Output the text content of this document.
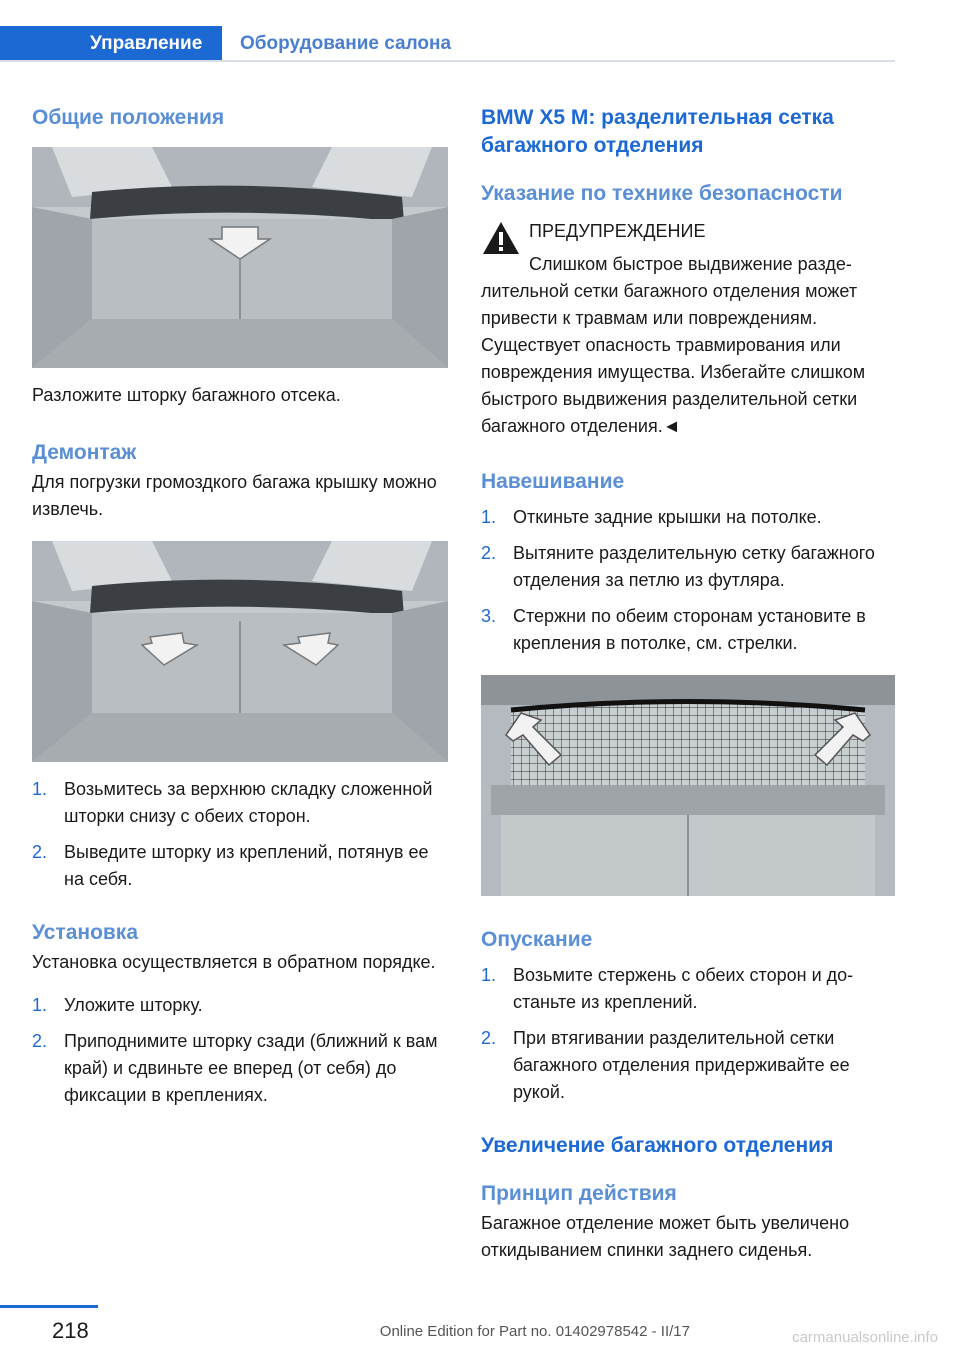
Управление	Оборудование салона
Общие положения

Разложите шторку багажного отсека.

Демонтаж

Для погрузки громоздкого багажа крышку можно извлечь.

1. Возьмитесь за верхнюю складку сложенной шторки снизу с обеих сторон.
2. Выведите шторку из креплений, потянув ее на себя.
Установка

Установка осуществляется в обратном порядке.

1. Уложите шторку.
2. Приподнимите шторку сзади (ближний к вам край) и сдвиньте ее вперед (от себя) до фиксации в креплениях.
BMW X5 M: разделительная сетка багажного отделения
Указание по технике безопасности

ПРЕДУПРЕЖДЕНИЕ

Слишком быстрое выдвижение разделительной сетки багажного отделения может привести к травмам или повреждениям. Существует опасность травмирования или повреждения имущества. Избегайте слишком быстрого выдвижения разделительной сетки багажного отделения.◄

Навешивание
1. Откиньте задние крышки на потолке.
2. Вытяните разделительную сетку багажного отделения за петлю из футляра.
3. Стержни по обеим сторонам установите в крепления в потолке, см. стрелки.
Опускание
1. Возьмите стержень с обеих сторон и достаньте из креплений.
2. При втягивании разделительной сетки багажного отделения придерживайте ее рукой.
Увеличение багажного отделения
Принцип действия

Багажное отделение может быть увеличено откидыванием спинки заднего сиденья.

218	Online Edition for Part no. 01402978542 - II/17	carmanualsonline.info
